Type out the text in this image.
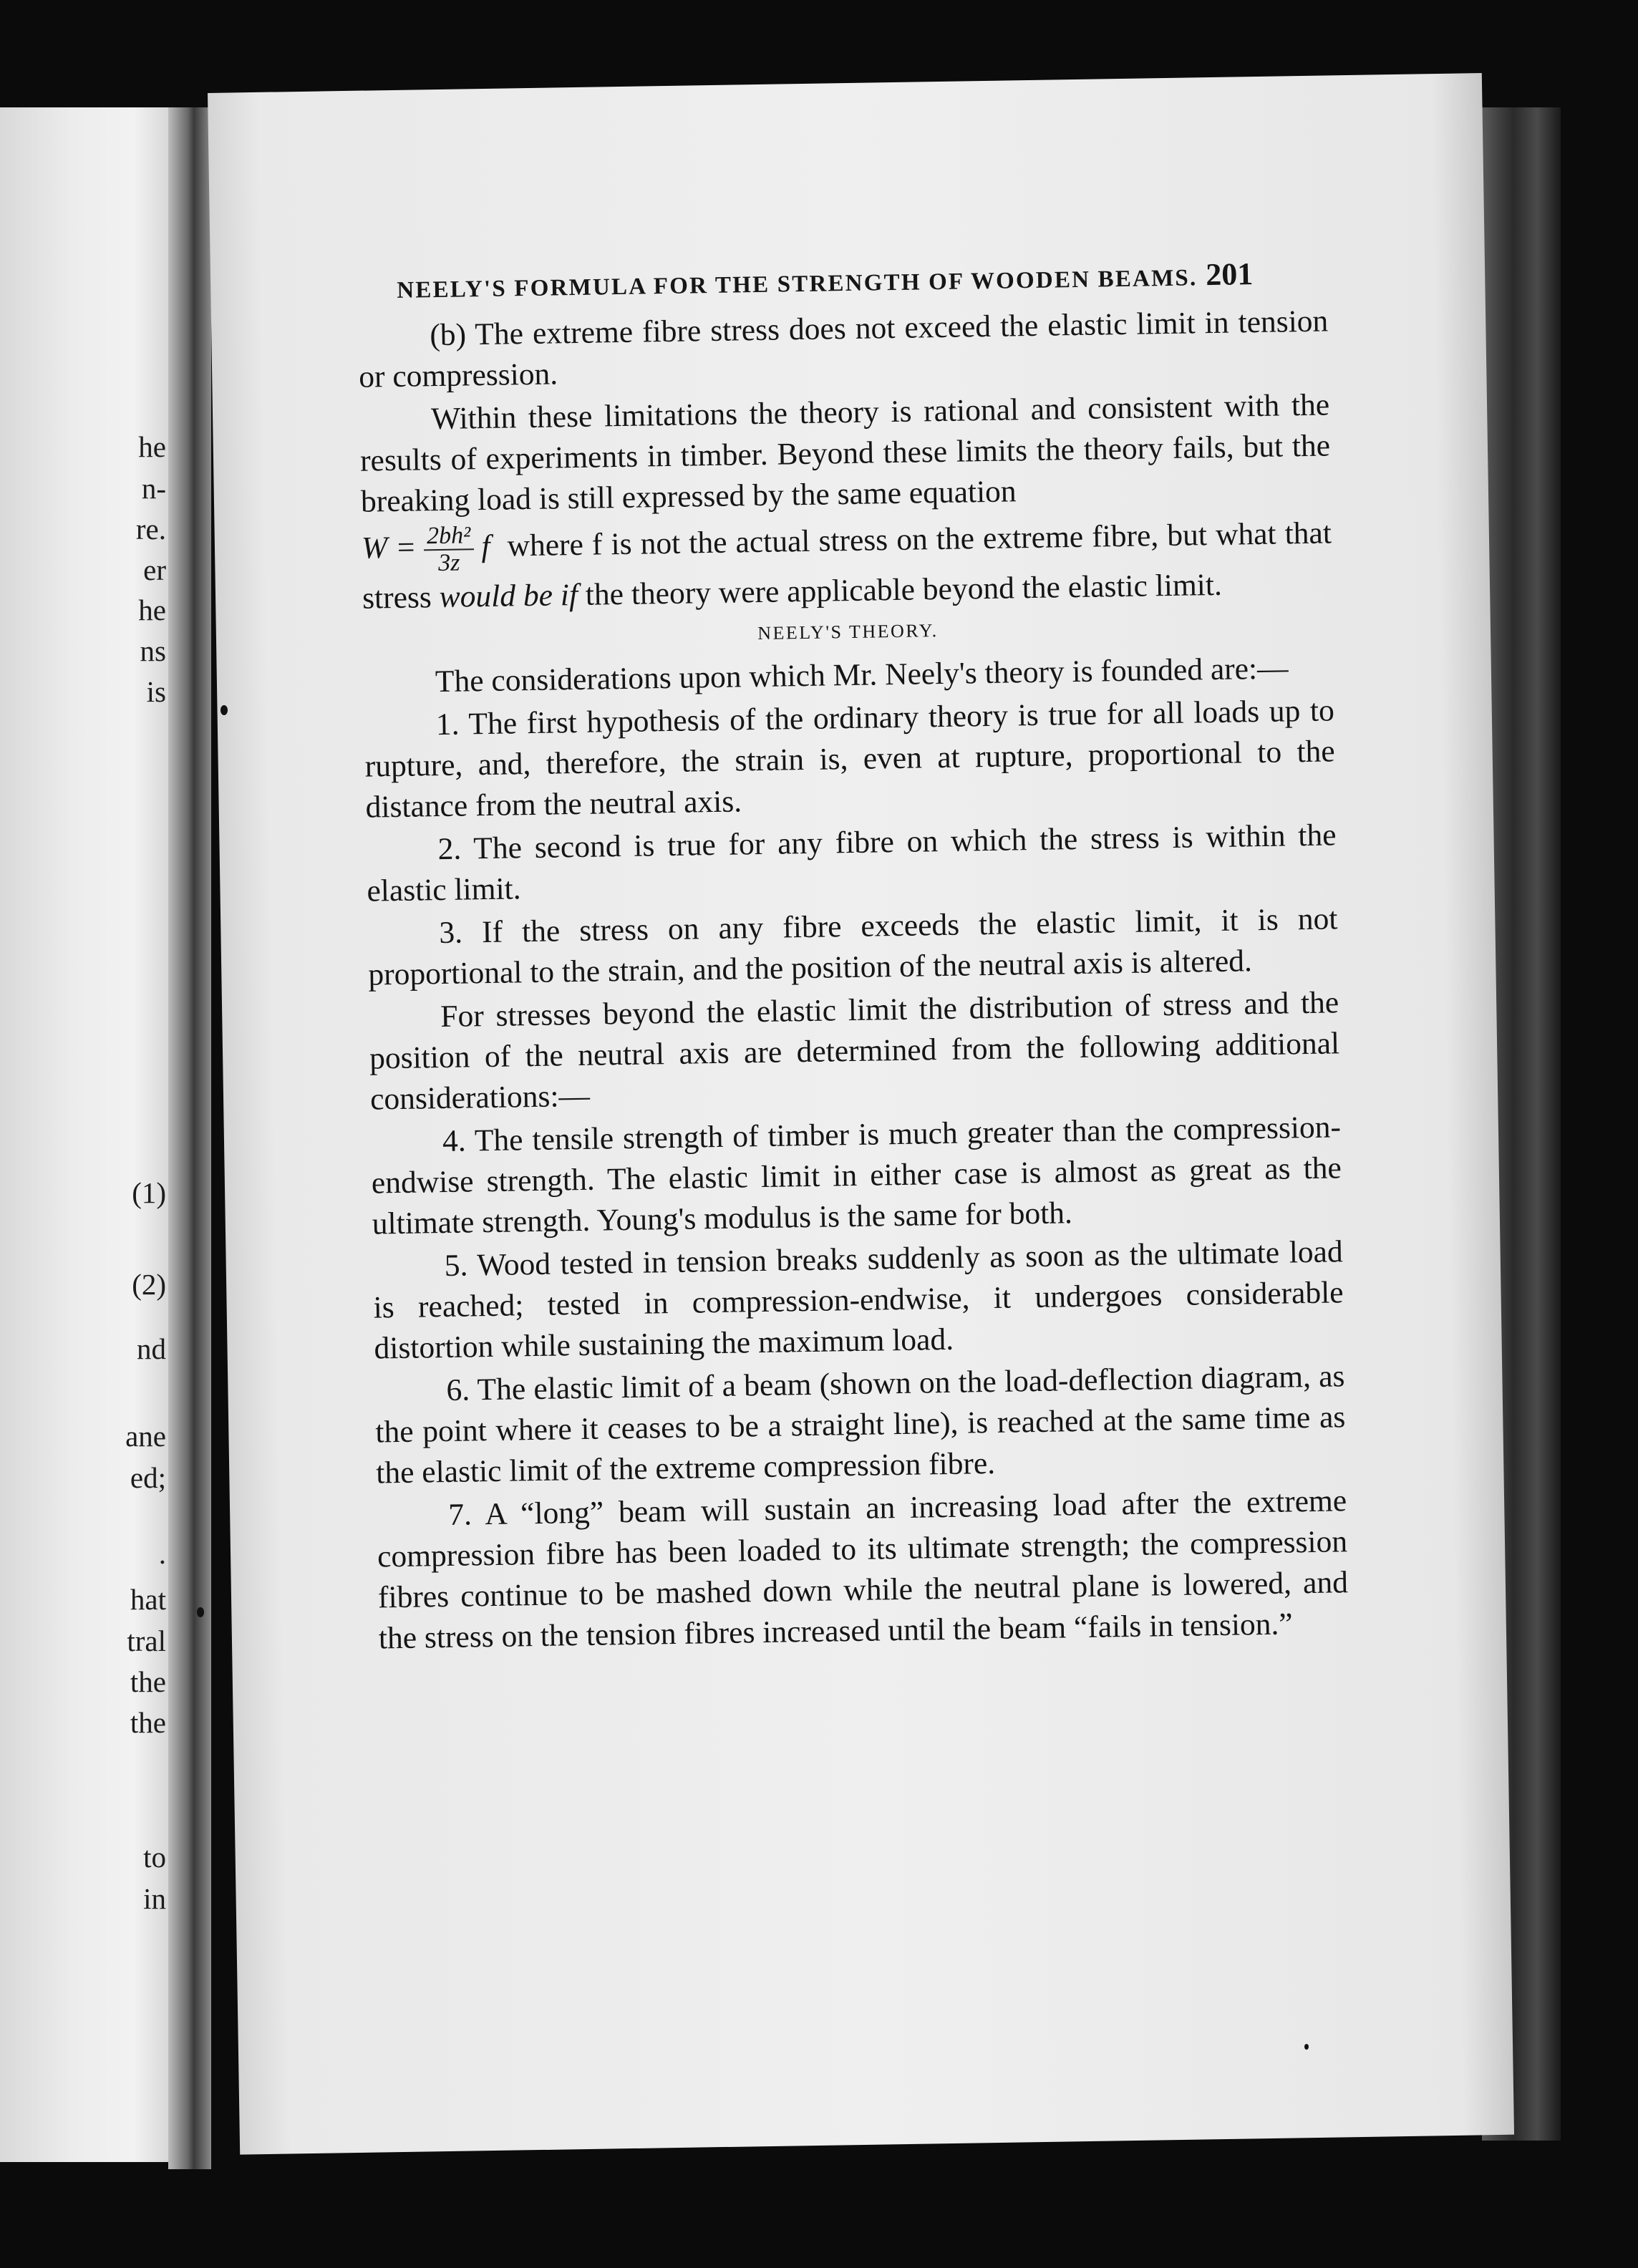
he
n-
re.
er
he
ns
is
(1)
(2)
nd
ane
ed;
.
hat
tral
the
the
to
in
NEELY'S FORMULA FOR THE STRENGTH OF WOODEN BEAMS. 201

(b) The extreme fibre stress does not exceed the elastic limit in tension or compression.

Within these limitations the theory is rational and consistent with the results of experiments in timber. Beyond these limits the theory fails, but the breaking load is still expressed by the same equation

$W = \frac{\text{2bh²}}{3z}$ f where f is not the actual stress on the extreme fibre, but what that stress would be if the theory were applicable beyond the elastic limit.

NEELY'S THEORY.

The considerations upon which Mr. Neely's theory is founded are:—

1. The first hypothesis of the ordinary theory is true for all loads up to rupture, and, therefore, the strain is, even at rupture, proportional to the distance from the neutral axis.

2. The second is true for any fibre on which the stress is within the elastic limit.

3. If the stress on any fibre exceeds the elastic limit, it is not proportional to the strain, and the position of the neutral axis is altered.

For stresses beyond the elastic limit the distribution of stress and the position of the neutral axis are determined from the following additional considerations:—

4. The tensile strength of timber is much greater than the compression-endwise strength. The elastic limit in either case is almost as great as the ultimate strength. Young's modulus is the same for both.

5. Wood tested in tension breaks suddenly as soon as the ultimate load is reached; tested in compression-endwise, it undergoes considerable distortion while sustaining the maximum load.

6. The elastic limit of a beam (shown on the load-deflection diagram, as the point where it ceases to be a straight line), is reached at the same time as the elastic limit of the extreme compression fibre.

7. A “long” beam will sustain an increasing load after the extreme compression fibre has been loaded to its ultimate strength; the compression fibres continue to be mashed down while the neutral plane is lowered, and the stress on the tension fibres increased until the beam “fails in tension.”
